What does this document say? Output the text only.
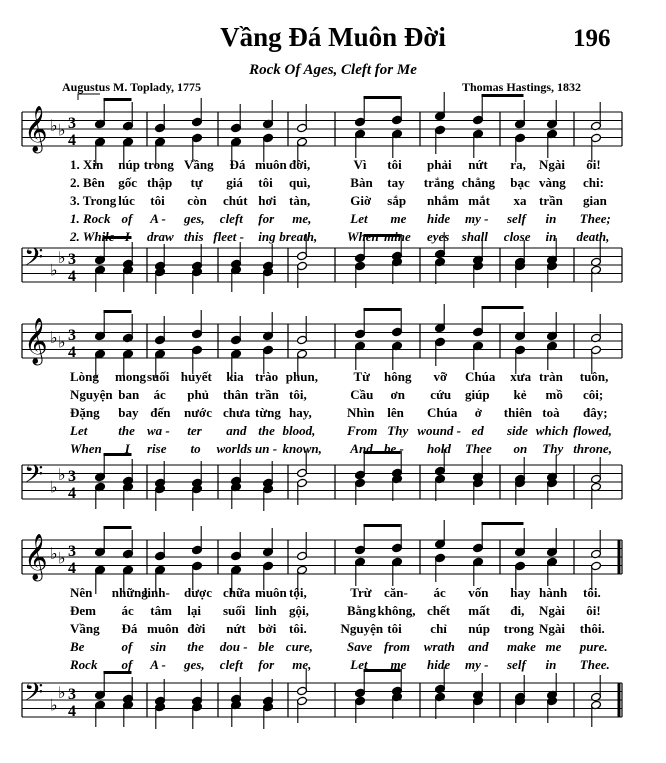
Vầng Đá Muôn Đời	196
Rock Of Ages, Cleft for Me
Augustus M. Toplady, 1775	Thomas Hastings, 1832
𝄞 ♭ ♭ 3
4
𝄢 ♭
♭ 3
4
𝄞 ♭ ♭ 3
4
𝄢 ♭
♭ 3
4
𝄞 ♭ ♭ 3
4
𝄢 ♭
♭ 3
4
1. Xin núp trong Vầng Đá muôn đời,	Vì tôi phải nứt ra, Ngài ôi!
2. Bên gốc thập tự giá tôi quì,	Bàn tay trắng chẳng bạc vàng chi:
3. Trong lúc tôi còn chút hơi tàn,	Giờ sắp nhắm mắt xa trần gian
1. Rock of A - ges, cleft for me,	Let me hide my - self in Thee;
2. While I draw this fleet - ing breath, When mine eyes shall close in death,
Lòng mong suối huyết kia trào phun,	Từ hông vỡ Chúa xưa tràn tuôn,
Nguyện ban ác phủ thân trần tôi,	Cầu ơn cứu giúp kẻ mồ côi;
Đặng bay đến nước chưa từng hay,	Nhìn lên Chúa ở thiên toà đây;
Let the wa - ter and the blood, From Thy wound - ed side which flowed,
When I rise to worlds un - known, And be - hold Thee on Thy throne,
Nên những
linh- dược chữa muôn tội,	Trừ căn- ác vốn hay hành tôi.
Đem ác tâm lại suối linh gội,	Bằng không, chết mất đi, Ngài ôi!
Vầng Đá muôn đời nứt bởi tôi.	Nguyện tôi chỉ núp trong Ngài thôi.
Be	of sin the dou - ble cure,	Save from wrath and make me pure.
Rock of A - ges, cleft for me,	Let me hide my - self in Thee.
